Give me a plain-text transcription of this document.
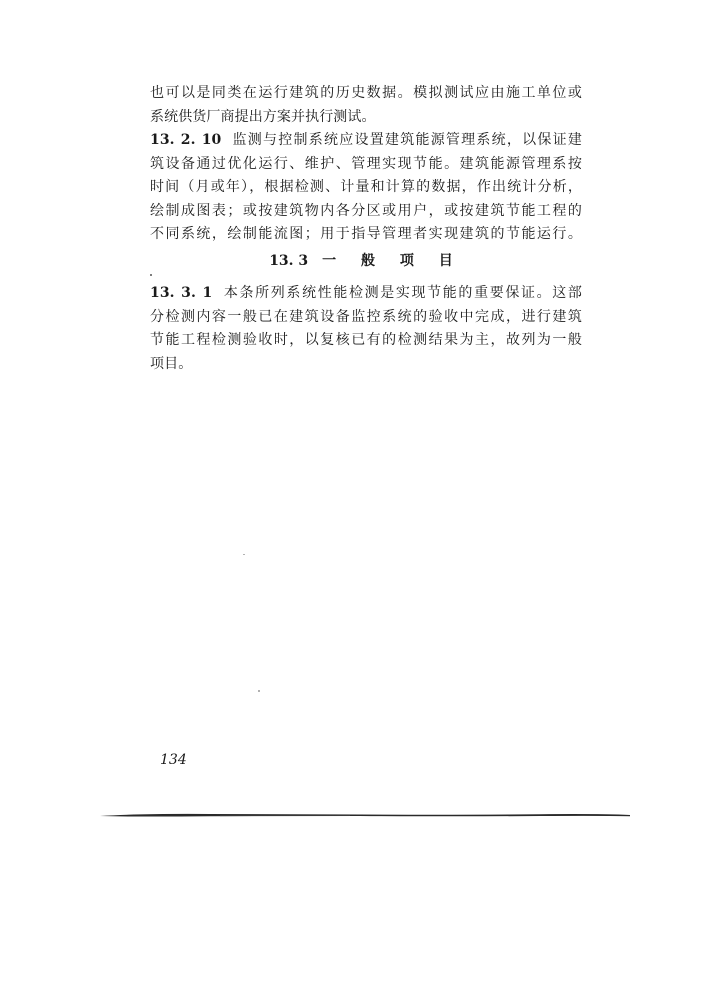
也可以是同类在运行建筑的历史数据。模拟测试应由施工单位或
系统供货厂商提出方案并执行测试。
13. 2. 10 监测与控制系统应设置建筑能源管理系统，以保证建
筑设备通过优化运行、维护、管理实现节能。建筑能源管理系按
时间（月或年），根据检测、计量和计算的数据，作出统计分析，
绘制成图表；或按建筑物内各分区或用户，或按建筑节能工程的
不同系统，绘制能流图；用于指导管理者实现建筑的节能运行。
13. 3 一 般 项 目
13. 3. 1 本条所列系统性能检测是实现节能的重要保证。这部
分检测内容一般已在建筑设备监控系统的验收中完成，进行建筑
节能工程检测验收时，以复核已有的检测结果为主，故列为一般
项目。
134
